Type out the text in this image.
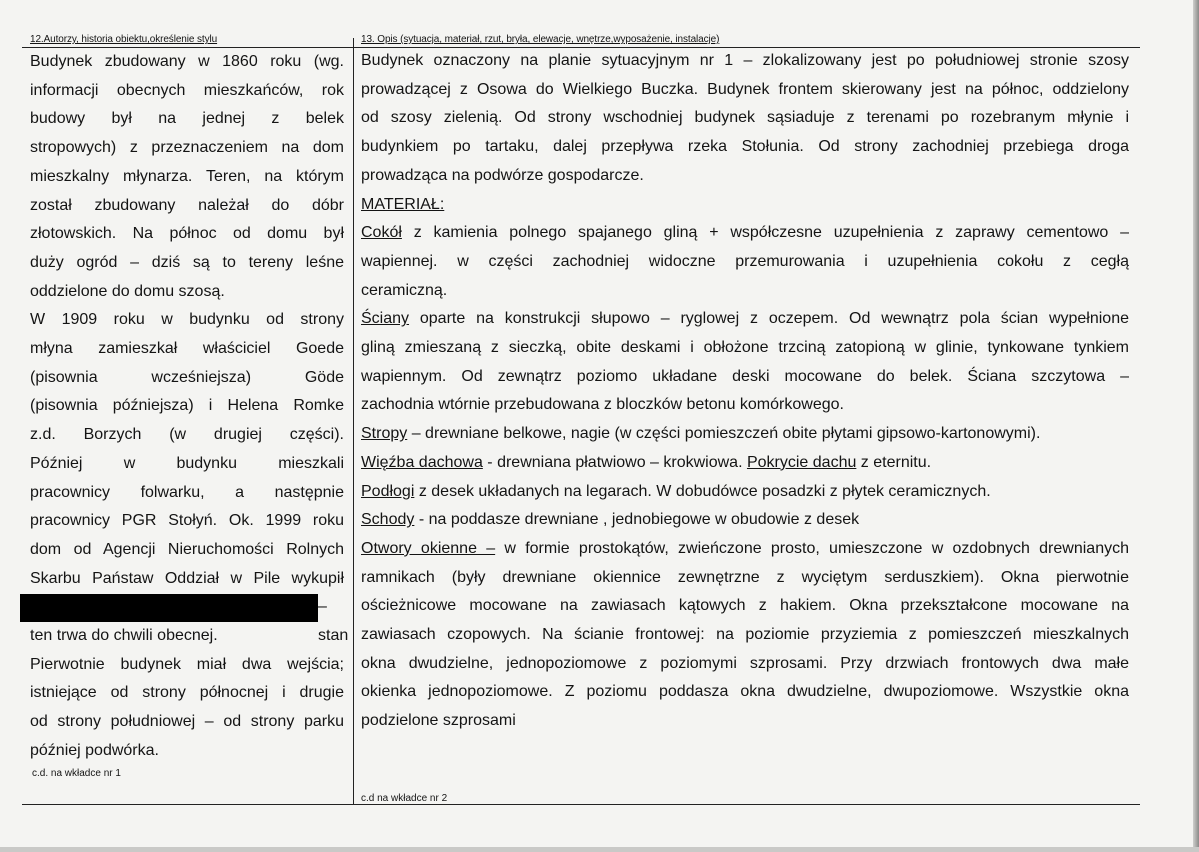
12.Autorzy, historia obiektu,określenie stylu
Budynek zbudowany w 1860 roku (wg.
informacji obecnych mieszkańców, rok
budowy był na jednej z belek
stropowych) z przeznaczeniem na dom
mieszkalny młynarza. Teren, na którym
został zbudowany należał do dóbr
złotowskich. Na północ od domu był
duży ogród – dziś są to tereny leśne
oddzielone do domu szosą.
W 1909 roku w budynku od strony
młyna zamieszkał właściciel Goede
(pisownia wcześniejsza) Göde
(pisownia późniejsza) i Helena Romke
z.d. Borzych (w drugiej części).
Później w budynku mieszkali
pracownicy folwarku, a następnie
pracownicy PGR Stołyń. Ok. 1999 roku
dom od Agencji Nieruchomości Rolnych
Skarbu Państaw Oddział w Pile wykupił
– stan
ten trwa do chwili obecnej.
Pierwotnie budynek miał dwa wejścia;
istniejące od strony północnej i drugie
od strony południowej – od strony parku
później podwórka.
c.d. na wkładce nr 1
13. Opis (sytuacja, materiał, rzut, bryła, elewacje, wnętrze,wyposażenie, instalacje)
Budynek oznaczony na planie sytuacyjnym nr 1 – zlokalizowany jest po południowej stronie szosy
prowadzącej z Osowa do Wielkiego Buczka. Budynek frontem skierowany jest na północ, oddzielony
od szosy zielenią. Od strony wschodniej budynek sąsiaduje z terenami po rozebranym młynie i
budynkiem po tartaku, dalej przepływa rzeka Stołunia. Od strony zachodniej przebiega droga
prowadząca na podwórze gospodarcze.
MATERIAŁ:
Cokół z kamienia polnego spajanego gliną + współczesne uzupełnienia z zaprawy cementowo –
wapiennej. w części zachodniej widoczne przemurowania i uzupełnienia cokołu z cegłą
ceramiczną.
Ściany oparte na konstrukcji słupowo – ryglowej z oczepem. Od wewnątrz pola ścian wypełnione
gliną zmieszaną z sieczką, obite deskami i obłożone trzciną zatopioną w glinie, tynkowane tynkiem
wapiennym. Od zewnątrz poziomo układane deski mocowane do belek. Ściana szczytowa –
zachodnia wtórnie przebudowana z bloczków betonu komórkowego.
Stropy – drewniane belkowe, nagie (w części pomieszczeń obite płytami gipsowo-kartonowymi).
Więźba dachowa - drewniana płatwiowo – krokwiowa. Pokrycie dachu z eternitu.
Podłogi z desek układanych na legarach. W dobudówce posadzki z płytek ceramicznych.
Schody - na poddasze drewniane , jednobiegowe w obudowie z desek
Otwory okienne – w formie prostokątów, zwieńczone prosto, umieszczone w ozdobnych drewnianych
ramnikach (były drewniane okiennice zewnętrzne z wyciętym serduszkiem). Okna pierwotnie
ościeżnicowe mocowane na zawiasach kątowych z hakiem. Okna przekształcone mocowane na
zawiasach czopowych. Na ścianie frontowej: na poziomie przyziemia z pomieszczeń mieszkalnych
okna dwudzielne, jednopoziomowe z poziomymi szprosami. Przy drzwiach frontowych dwa małe
okienka jednopoziomowe. Z poziomu poddasza okna dwudzielne, dwupoziomowe. Wszystkie okna
podzielone szprosami
c.d na wkładce nr 2
